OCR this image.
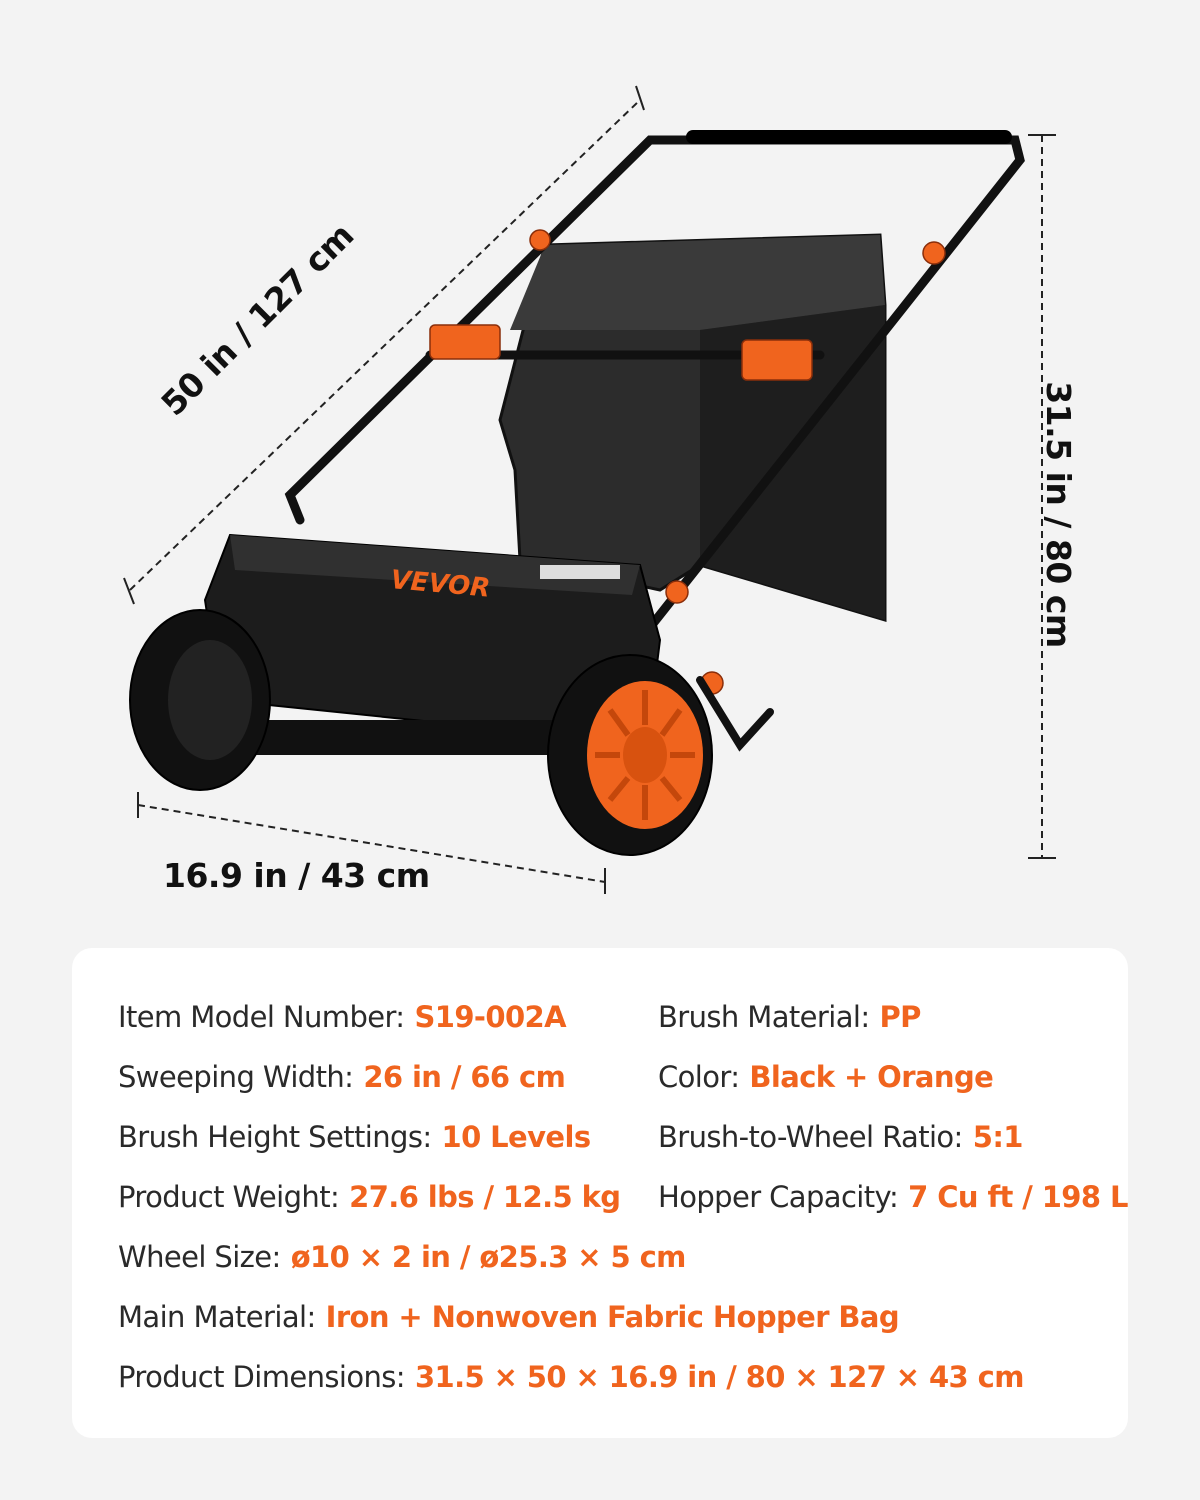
VEVOR
50 in / 127 cm
31.5 in / 80 cm
16.9 in / 43 cm
Item Model Number: S19-002A
Sweeping Width: 26 in / 66 cm
Brush Height Settings: 10 Levels
Product Weight: 27.6 lbs / 12.5 kg
Wheel Size: ø10 × 2 in / ø25.3 × 5 cm
Main Material: Iron + Nonwoven Fabric Hopper Bag
Product Dimensions: 31.5 × 50 × 16.9 in / 80 × 127 × 43 cm
Brush Material: PP
Color: Black + Orange
Brush-to-Wheel Ratio: 5:1
Hopper Capacity: 7 Cu ft / 198 L
